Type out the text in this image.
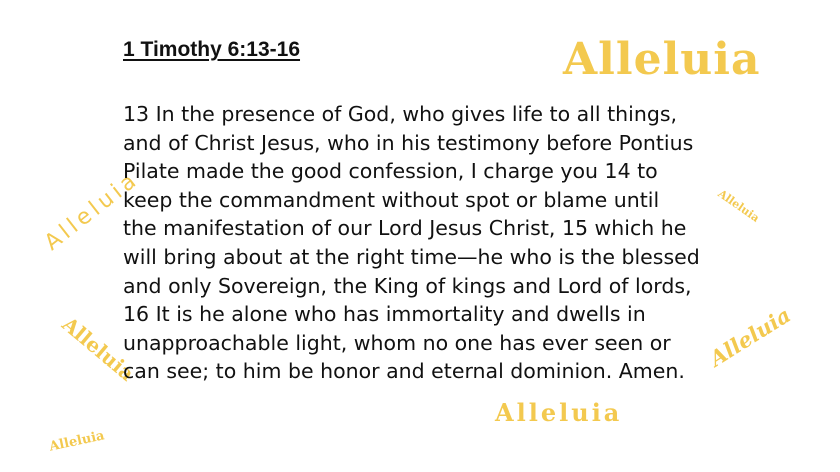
Alleluia
Alleluia	Alleluia
Alleluia	Alleluia
Alleluia
Alleluia
1 Timothy 6:13-16

13 In the presence of God, who gives life to all things,
and of Christ Jesus, who in his testimony before Pontius
Pilate made the good confession, I charge you 14 to
keep the commandment without spot or blame until
the manifestation of our Lord Jesus Christ, 15 which he
will bring about at the right time—he who is the blessed
and only Sovereign, the King of kings and Lord of lords,
16 It is he alone who has immortality and dwells in
unapproachable light, whom no one has ever seen or
can see; to him be honor and eternal dominion. Amen.
